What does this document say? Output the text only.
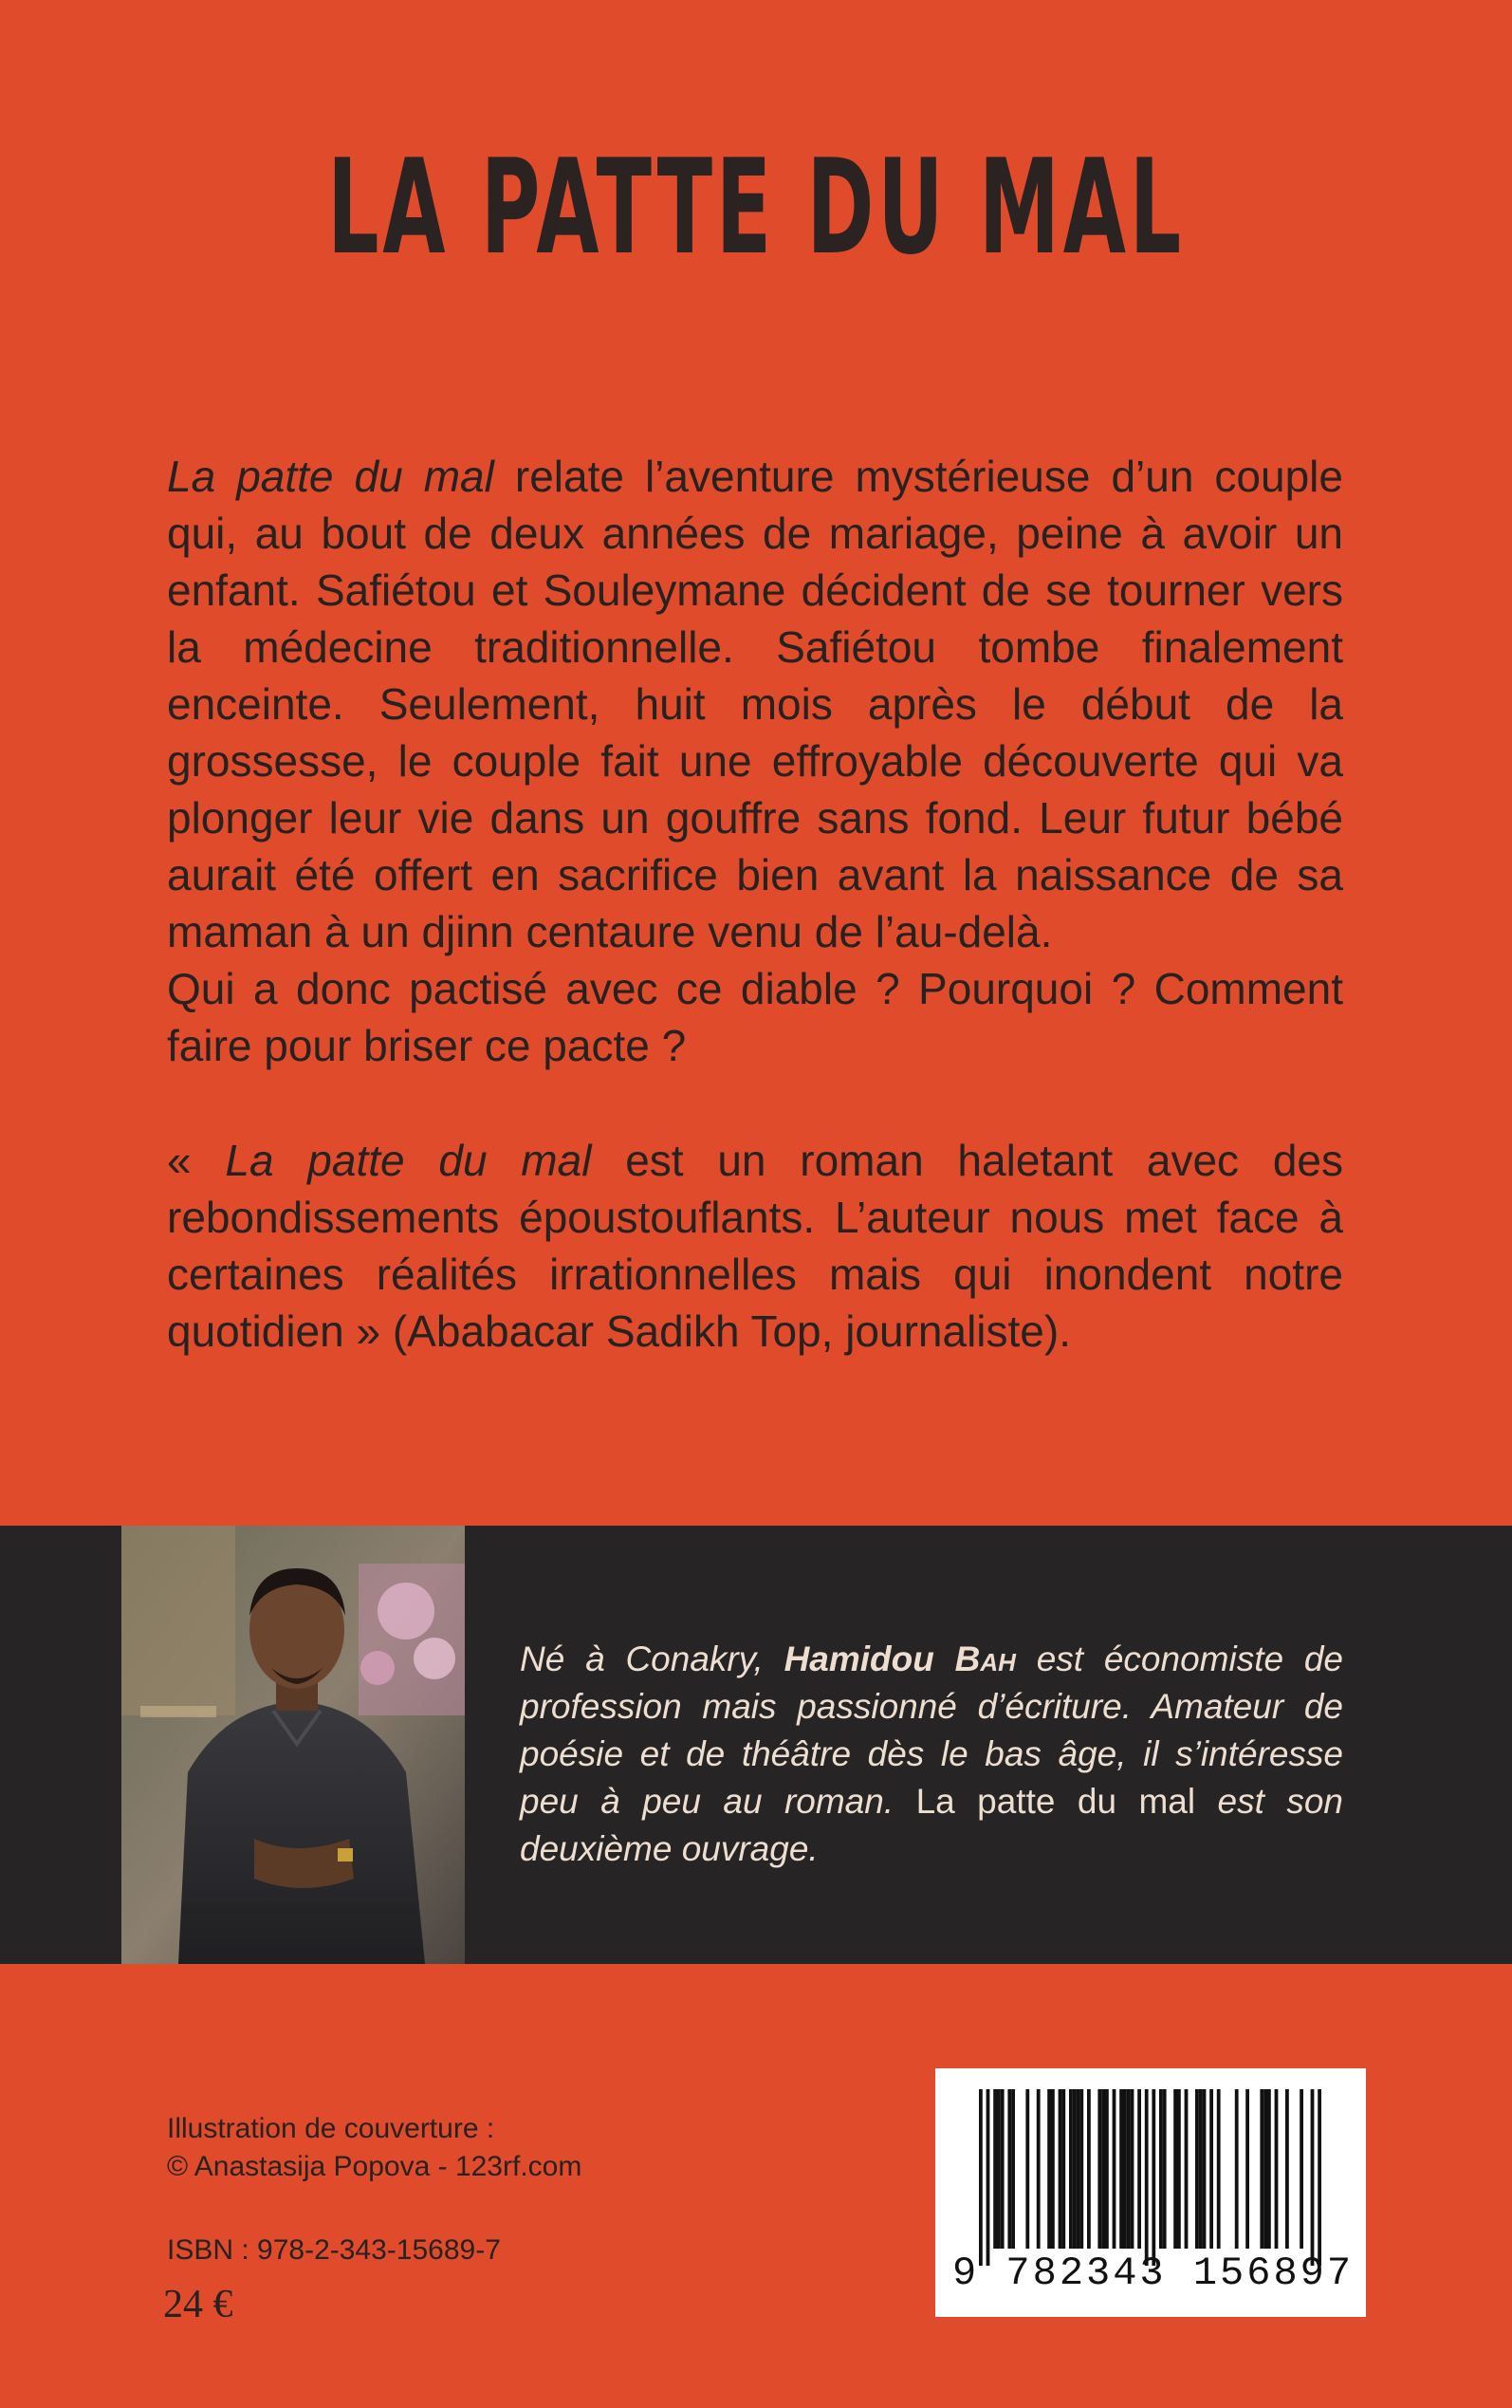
LA PATTE DU MAL

La patte du mal relate l’aventure mystérieuse d’un couple qui, au bout de deux années de mariage, peine à avoir un enfant. Safiétou et Souleymane décident de se tourner vers la médecine traditionnelle. Safiétou tombe finalement enceinte. Seulement, huit mois après le début de la grossesse, le couple fait une effroyable découverte qui va plonger leur vie dans un gouffre sans fond. Leur futur bébé aurait été offert en sacrifice bien avant la naissance de sa maman à un djinn centaure venu de l’au-delà.

Qui a donc pactisé avec ce diable ? Pourquoi ? Comment faire pour briser ce pacte ?

« La patte du mal est un roman haletant avec des rebondissements époustouflants. L’auteur nous met face à certaines réalités irrationnelles mais qui inondent notre quotidien » (Ababacar Sadikh Top, journaliste).

Né à Conakry, Hamidou Bah est économiste de profession mais passionné d’écriture. Amateur de poésie et de théâtre dès le bas âge, il s’intéresse peu à peu au roman. La patte du mal est son deuxième ouvrage.

Illustration de couverture :
© Anastasija Popova - 123rf.com
ISBN : 978-2-343-15689-7
24 €
9 782343 156897
